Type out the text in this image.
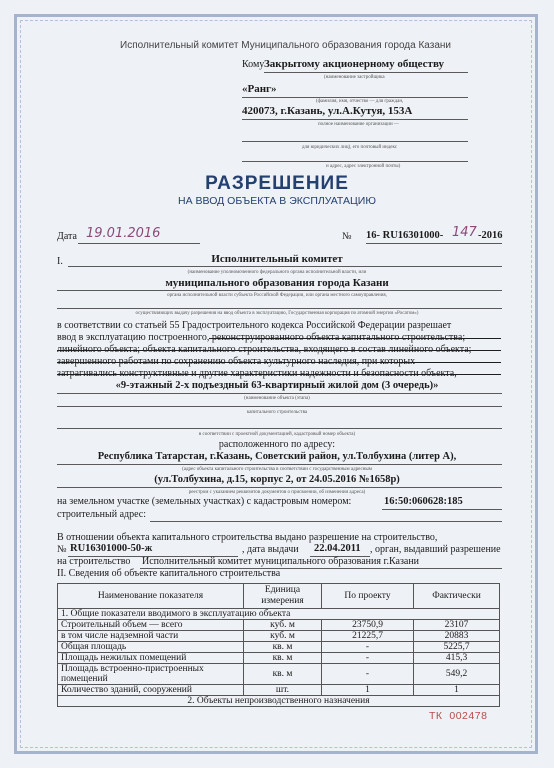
Исполнительный комитет Муниципального образования города Казани
Кому Закрытому акционерному обществу
(наименование застройщика
«Ранг»
(фамилия, имя, отчество — для граждан,
420073, г.Казань, ул.А.Кутуя, 153А
полное наименование организации —
для юридических лиц), его почтовый индекс
и адрес, адрес электронной почты)
РАЗРЕШЕНИЕ
НА ВВОД ОБЪЕКТА В ЭКСПЛУАТАЦИЮ
Дата 19.01.2016	№ 16- RU16301000- 147 -2016
I.	Исполнительный комитет
(наименование уполномоченного федерального органа исполнительной власти, или
муниципального образования города Казани
органа исполнительной власти субъекта Российской Федерации, или органа местного самоуправления,
осуществляющих выдачу разрешения на ввод объекта в эксплуатацию, Государственная корпорация по атомной энергии «Росатом»)
в соответствии со статьей 55 Градостроительного кодекса Российской Федерации разрешает
ввод в эксплуатацию построенного, реконструированного объекта капитального строительства;
линейного объекта; объекта капитального строительства, входящего в состав линейного объекта;
завершенного работами по сохранению объекта культурного наследия, при которых
затрагивались конструктивные и другие характеристики надежности и безопасности объекта,
«9-этажный 2-х подъездный 63-квартирный жилой дом (3 очередь)»
(наименование объекта (этапа)
капитального строительства
в соответствии с проектной документацией, кадастровый номер объекта)
расположенного по адресу:
Республика Татарстан, г.Казань, Советский район, ул.Толбухина (литер А),
(адрес объекта капитального строительства в соответствии с государственным адресным
(ул.Толбухина, д.15, корпус 2, от 24.05.2016 №1658р)
реестром с указанием реквизитов документов о присвоении, об изменении адреса)
на земельном участке (земельных участках) с кадастровым номером:	16:50:060628:185
строительный адрес:
В отношении объекта капитального строительства выдано разрешение на строительство,
№ RU16301000-50-ж	, дата выдачи 22.04.2011 , орган, выдавший разрешение
на строительство Исполнительный комитет муниципального образования г.Казани
II. Сведения об объекте капитального строительства
Наименование показателя	Единица измерения	По проекту	Фактически
1. Общие показатели вводимого в эксплуатацию объекта			
Строительный объем — всего	куб. м	23750,9	23107
в том числе надземной части	куб. м	21225,7	20883
Общая площадь	кв. м	-	5225,7
Площадь нежилых помещений	кв. м	-	415,3
Площадь встроенно-пристроенных помещений	кв. м	-	549,2
Количество зданий, сооружений	шт.	1	1
2. Объекты непроизводственного назначения			
ТК  002478
